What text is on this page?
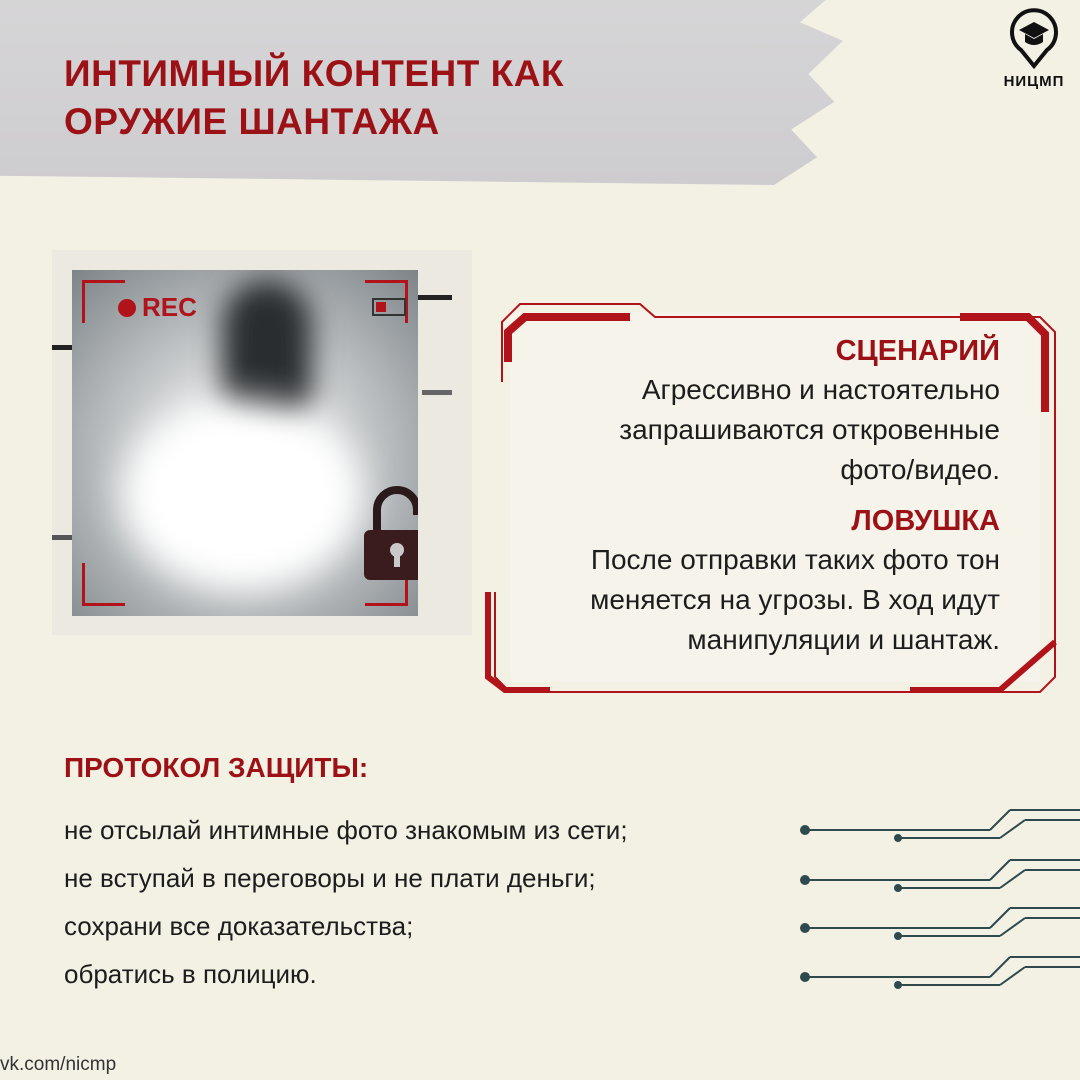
ИНТИМНЫЙ КОНТЕНТ КАК
ОРУЖИЕ ШАНТАЖА
НИЦМП
REC
СЦЕНАРИЙ
Агрессивно и настоятельно
запрашиваются откровенные
фото/видео.
ЛОВУШКА
После отправки таких фото тон
меняется на угрозы. В ход идут
манипуляции и шантаж.
ПРОТОКОЛ ЗАЩИТЫ:
не отсылай интимные фото знакомым из сети;
не вступай в переговоры и не плати деньги;
сохрани все доказательства;
обратись в полицию.
vk.com/nicmp
